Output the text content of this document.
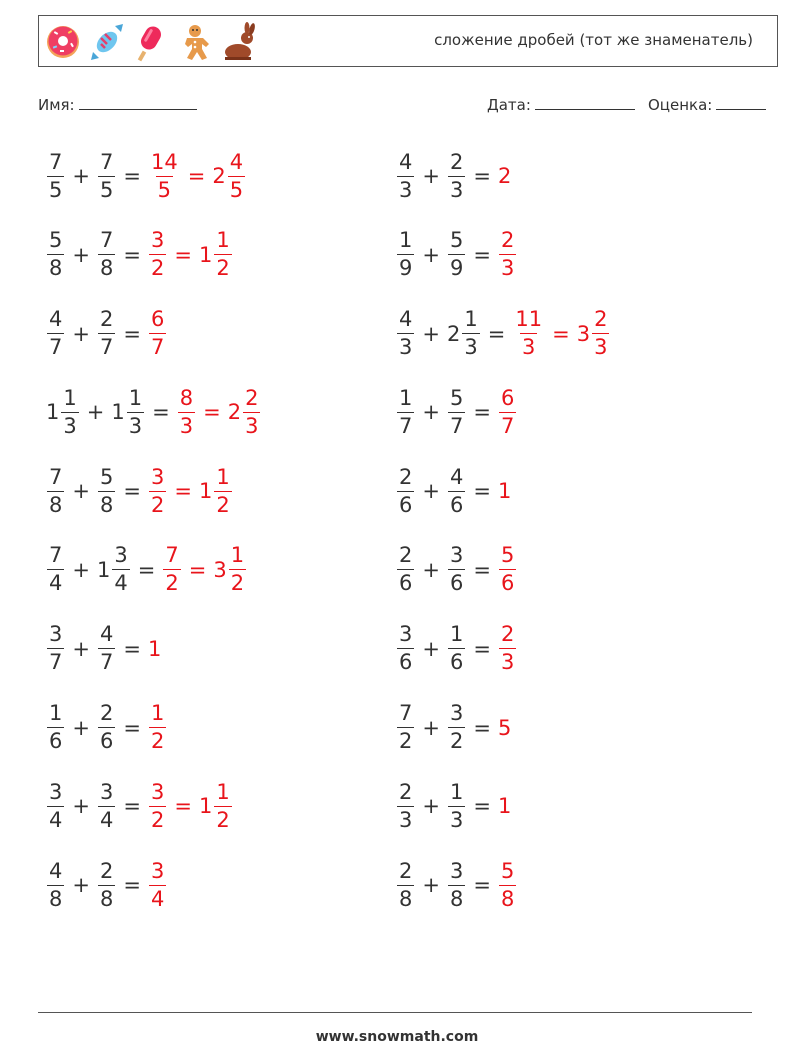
сложение дробей (тот же знаменатель)
Имя:	Дата:	Оценка:
$\frac{7}{5} + \frac{7}{5} = \frac{14}{5} = 2 \frac{4}{5}$	$\frac{4}{3} + \frac{2}{3} = 2$
$\frac{5}{8} + \frac{7}{8} = \frac{3}{2} = 1 \frac{1}{2}$	$\frac{1}{9} + \frac{5}{9} = \frac{2}{3}$
$\frac{4}{7} + \frac{2}{7} = \frac{6}{7}$	$\frac{4}{3} + 2 \frac{1}{3} = \frac{11}{3} = 3 \frac{2}{3}$
$1 \frac{1}{3} + 1 \frac{1}{3} = \frac{8}{3} = 2 \frac{2}{3}$	$\frac{1}{7} + \frac{5}{7} = \frac{6}{7}$
$\frac{7}{8} + \frac{5}{8} = \frac{3}{2} = 1 \frac{1}{2}$	$\frac{2}{6} + \frac{4}{6} = 1$
$\frac{7}{4} + 1 \frac{3}{4} = \frac{7}{2} = 3 \frac{1}{2}$	$\frac{2}{6} + \frac{3}{6} = \frac{5}{6}$
$\frac{3}{7} + \frac{4}{7} = 1$	$\frac{3}{6} + \frac{1}{6} = \frac{2}{3}$
$\frac{1}{6} + \frac{2}{6} = \frac{1}{2}$	$\frac{7}{2} + \frac{3}{2} = 5$
$\frac{3}{4} + \frac{3}{4} = \frac{3}{2} = 1 \frac{1}{2}$	$\frac{2}{3} + \frac{1}{3} = 1$
$\frac{4}{8} + \frac{2}{8} = \frac{3}{4}$	$\frac{2}{8} + \frac{3}{8} = \frac{5}{8}$
www.snowmath.com
